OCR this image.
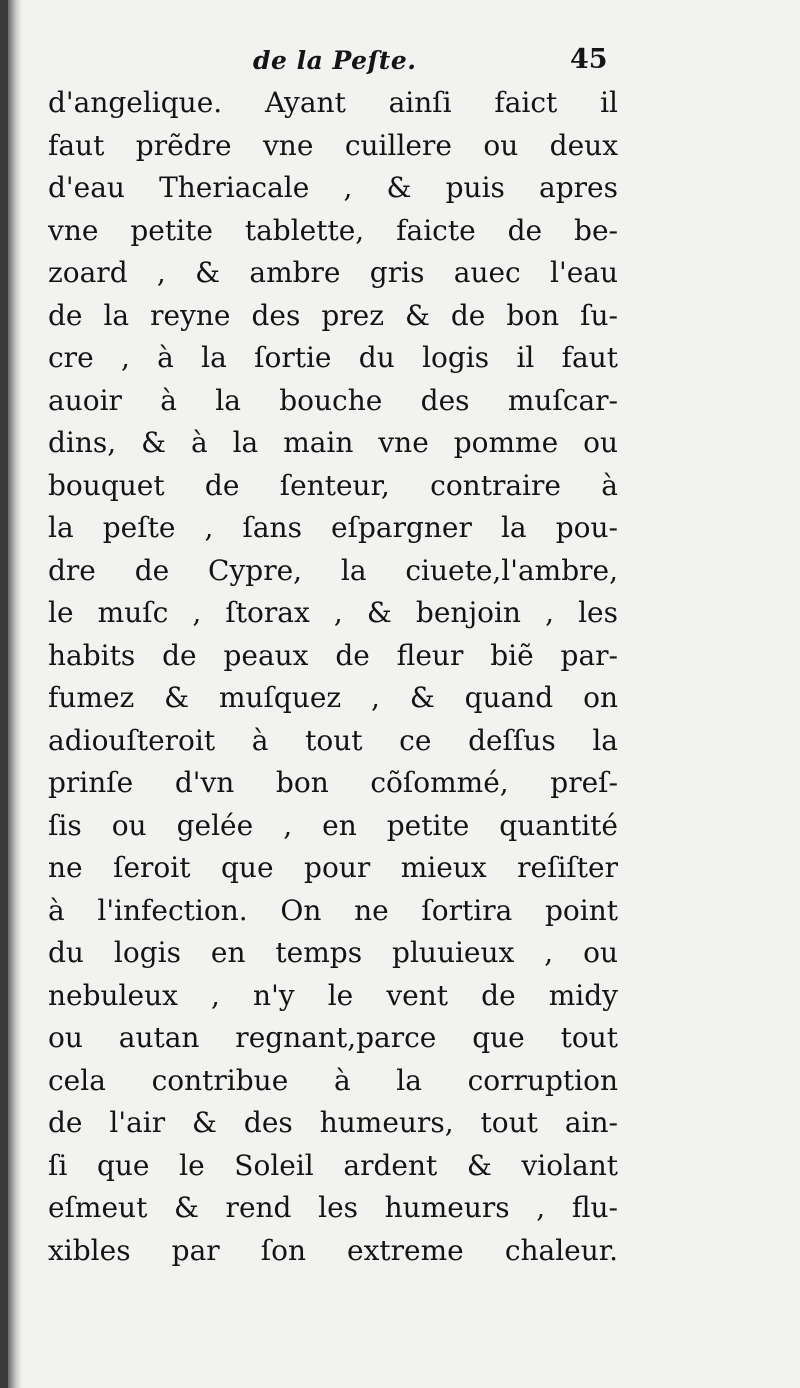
de la Peſte.	45
d'angelique. Ayant ainſi faict il
faut prẽdre vne cuillere ou deux
d'eau Theriacale , & puis apres
vne petite tablette, faicte de be-
zoard , & ambre gris auec l'eau
de la reyne des prez & de bon ſu-
cre , à la ſortie du logis il faut
auoir à la bouche des muſcar-
dins, & à la main vne pomme ou
bouquet de ſenteur, contraire à
la peſte , ſans eſpargner la pou-
dre de Cypre, la ciuete,l'ambre,
le muſc , ſtorax , & benjoin , les
habits de peaux de fleur biẽ par-
fumez & muſquez , & quand on
adiouſteroit à tout ce deſſus la
prinſe d'vn bon cõſommé, preſ-
ſis ou gelée , en petite quantité
ne ſeroit que pour mieux reſiſter
à l'infection. On ne ſortira point
du logis en temps pluuieux , ou
nebuleux , n'y le vent de midy
ou autan regnant,parce que tout
cela contribue à la corruption
de l'air & des humeurs, tout ain-
ſi que le Soleil ardent & violant
eſmeut & rend les humeurs , flu-
xibles par ſon extreme chaleur.
